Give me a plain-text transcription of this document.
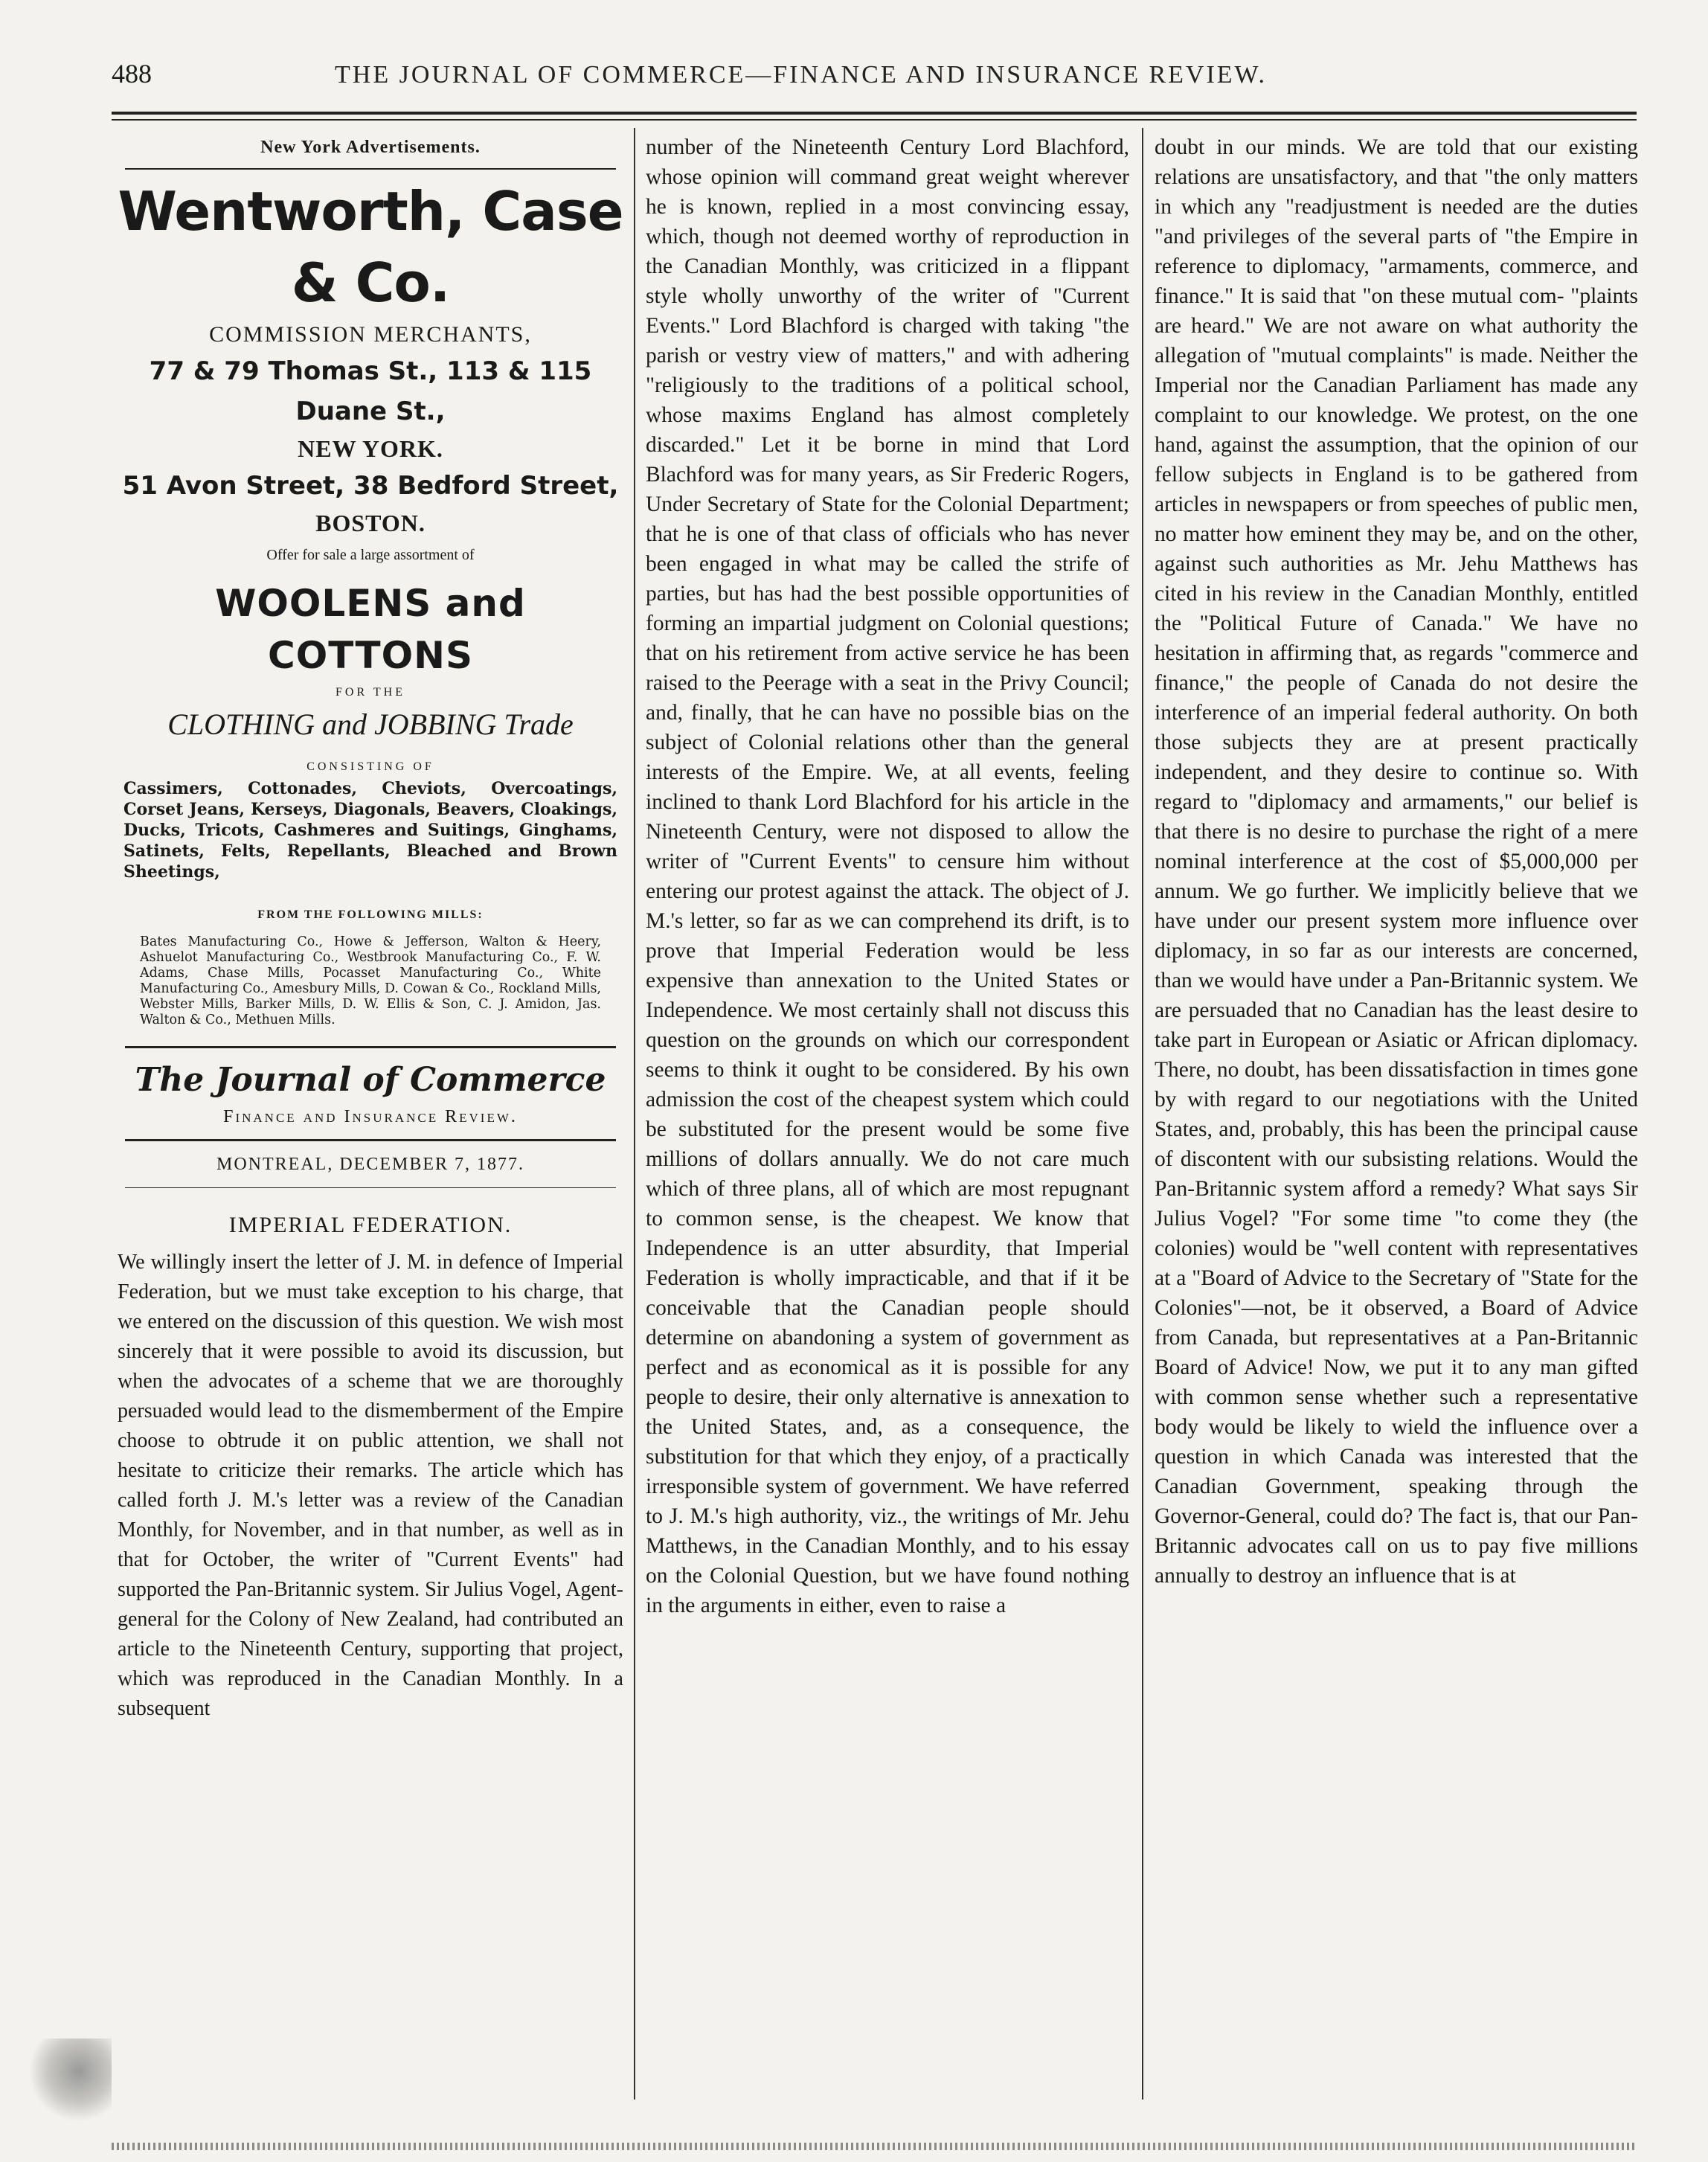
488	THE JOURNAL OF COMMERCE—FINANCE AND INSURANCE REVIEW.
New York Advertisements.
Wentworth, Case & Co.
COMMISSION MERCHANTS,
77 & 79 Thomas St., 113 & 115 Duane St.,
NEW YORK.
51 Avon Street, 38 Bedford Street,
BOSTON.
Offer for sale a large assortment of
WOOLENS and COTTONS
FOR THE
CLOTHING and JOBBING Trade
CONSISTING OF
Cassimers, Cottonades, Cheviots, Overcoatings, Corset Jeans, Kerseys, Diagonals, Beavers, Cloakings, Ducks, Tricots, Cashmeres and Suitings, Ginghams, Satinets, Felts, Repellants, Bleached and Brown Sheetings,
FROM THE FOLLOWING MILLS:
Bates Manufacturing Co., Howe & Jefferson, Walton & Heery, Ashuelot Manufacturing Co., Westbrook Manufacturing Co., F. W. Adams, Chase Mills, Pocasset Manufacturing Co., White Manufacturing Co., Amesbury Mills, D. Cowan & Co., Rockland Mills, Webster Mills, Barker Mills, D. W. Ellis & Son, C. J. Amidon, Jas. Walton & Co., Methuen Mills.
The Journal of Commerce
Finance and Insurance Review.
MONTREAL, DECEMBER 7, 1877.
IMPERIAL FEDERATION.

We willingly insert the letter of J. M. in defence of Imperial Federation, but we must take exception to his charge, that we entered on the discussion of this question. We wish most sincerely that it were possible to avoid its discussion, but when the advocates of a scheme that we are thoroughly persuaded would lead to the dismemberment of the Empire choose to obtrude it on public attention, we shall not hesitate to criticize their remarks. The article which has called forth J. M.'s letter was a review of the Canadian Monthly, for November, and in that number, as well as in that for October, the writer of "Current Events" had supported the Pan-Britannic system. Sir Julius Vogel, Agent-general for the Colony of New Zealand, had contributed an article to the Nineteenth Century, supporting that project, which was reproduced in the Canadian Monthly. In a subsequent

number of the Nineteenth Century Lord Blachford, whose opinion will command great weight wherever he is known, replied in a most convincing essay, which, though not deemed worthy of reproduction in the Canadian Monthly, was criticized in a flippant style wholly unworthy of the writer of "Current Events." Lord Blachford is charged with taking "the parish or vestry view of matters," and with adhering "religiously to the traditions of a political school, whose maxims England has almost completely discarded." Let it be borne in mind that Lord Blachford was for many years, as Sir Frederic Rogers, Under Secretary of State for the Colonial Department; that he is one of that class of officials who has never been engaged in what may be called the strife of parties, but has had the best possible opportunities of forming an impartial judgment on Colonial questions; that on his retirement from active service he has been raised to the Peerage with a seat in the Privy Council; and, finally, that he can have no possible bias on the subject of Colonial relations other than the general interests of the Empire. We, at all events, feeling inclined to thank Lord Blachford for his article in the Nineteenth Century, were not disposed to allow the writer of "Current Events" to censure him without entering our protest against the attack. The object of J. M.'s letter, so far as we can comprehend its drift, is to prove that Imperial Federation would be less expensive than annexation to the United States or Independence. We most certainly shall not discuss this question on the grounds on which our correspondent seems to think it ought to be considered. By his own admission the cost of the cheapest system which could be substituted for the present would be some five millions of dollars annually. We do not care much which of three plans, all of which are most repugnant to common sense, is the cheapest. We know that Independence is an utter absurdity, that Imperial Federation is wholly impracticable, and that if it be conceivable that the Canadian people should determine on abandoning a system of government as perfect and as economical as it is possible for any people to desire, their only alternative is annexation to the United States, and, as a consequence, the substitution for that which they enjoy, of a practically irresponsible system of government. We have referred to J. M.'s high authority, viz., the writings of Mr. Jehu Matthews, in the Canadian Monthly, and to his essay on the Colonial Question, but we have found nothing in the arguments in either, even to raise a

doubt in our minds. We are told that our existing relations are unsatisfactory, and that "the only matters in which any "readjustment is needed are the duties "and privileges of the several parts of "the Empire in reference to diplomacy, "armaments, commerce, and finance." It is said that "on these mutual com- "plaints are heard." We are not aware on what authority the allegation of "mutual complaints" is made. Neither the Imperial nor the Canadian Parliament has made any complaint to our knowledge. We protest, on the one hand, against the assumption, that the opinion of our fellow subjects in England is to be gathered from articles in newspapers or from speeches of public men, no matter how eminent they may be, and on the other, against such authorities as Mr. Jehu Matthews has cited in his review in the Canadian Monthly, entitled the "Political Future of Canada." We have no hesitation in affirming that, as regards "commerce and finance," the people of Canada do not desire the interference of an imperial federal authority. On both those subjects they are at present practically independent, and they desire to continue so. With regard to "diplomacy and armaments," our belief is that there is no desire to purchase the right of a mere nominal interference at the cost of $5,000,000 per annum. We go further. We implicitly believe that we have under our present system more influence over diplomacy, in so far as our interests are concerned, than we would have under a Pan-Britannic system. We are persuaded that no Canadian has the least desire to take part in European or Asiatic or African diplomacy. There, no doubt, has been dissatisfaction in times gone by with regard to our negotiations with the United States, and, probably, this has been the principal cause of discontent with our subsisting relations. Would the Pan-Britannic system afford a remedy? What says Sir Julius Vogel? "For some time "to come they (the colonies) would be "well content with representatives at a "Board of Advice to the Secretary of "State for the Colonies"—not, be it observed, a Board of Advice from Canada, but representatives at a Pan-Britannic Board of Advice! Now, we put it to any man gifted with common sense whether such a representative body would be likely to wield the influence over a question in which Canada was interested that the Canadian Government, speaking through the Governor-General, could do? The fact is, that our Pan-Britannic advocates call on us to pay five millions annually to destroy an influence that is at
